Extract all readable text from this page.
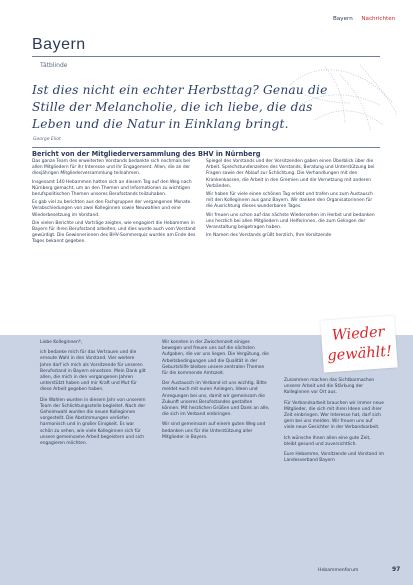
Bayern Nachrichten
Bayern
Tätblinde
Ist dies nicht ein echter Herbsttag? Genau die Stille der Melancholie, die ich liebe, die das Leben und die Natur in Einklang bringt.
George Eliot
Bericht von der Mitgliederversammlung des BHV in Nürnberg

Das ganze Team des erweiterten Vorstands bedankte sich nochmals bei allen Mitgliedern für ihr Interesse und ihr Engagement. Allen, die an der diesjährigen Mitgliederversammlung teilnahmen.

Insgesamt 140 Hebammen hatten sich an diesem Tag auf den Weg nach Nürnberg gemacht, um an den Themen und Informationen zu wichtigen berufspolitischen Themen unseres Berufsstands teilzuhaben.

Es gab viel zu berichten aus den Fachgruppen der vergangenen Monate. Verabschiedungen von zwei Kolleginnen sowie Neuwahlen und eine Wiederbesetzung im Vorstand.

Die vielen Berichte und Vorträge zeigten, wie engagiert die Hebammen in Bayern für ihren Berufsstand arbeiten, und dies wurde auch vom Vorstand gewürdigt. Die Gewinnerinnen des BHV-Sommerquiz wurden am Ende des Tages bekannt gegeben.

Spiegel des Vorstands und der Vorsitzenden gaben einen Überblick über die Arbeit. Sprechstundenzeiten des Vorstands, Beratung und Unterstützung bei Fragen sowie der Ablauf zur Schlichtung. Die Verhandlungen mit den Krankenkassen, die Arbeit in den Gremien und die Vernetzung mit anderen Verbänden.

Wir haben für viele einen schönen Tag erlebt und trafen uns zum Austausch mit den Kolleginnen aus ganz Bayern. Wir danken den Organisatorinnen für die Ausrichtung dieses wunderbaren Tages.

Wir freuen uns schon auf das nächste Wiedersehen im Herbst und bedanken uns herzlich bei allen Mitgliedern und Helferinnen, die zum Gelingen der Veranstaltung beigetragen haben.

Im Namen des Vorstands grüßt herzlich, Ihre Vorsitzende

Wieder
gewählt!

Liebe Kolleginnen*,

ich bedanke mich für das Vertrauen und die erneute Wahl in den Vorstand. Vier weitere Jahre darf ich mich als Vorsitzende für unseren Berufsstand in Bayern einsetzen. Mein Dank gilt allen, die mich in den vergangenen Jahren unterstützt haben und mir Kraft und Mut für diese Arbeit gegeben haben.

Die Wahlen wurden in diesem Jahr von unserem Team der Schlichtungsstelle begleitet. Nach der Geheimwahl wurden die neuen Kolleginnen vorgestellt. Die Abstimmungen verliefen harmonisch und in großer Einigkeit. Es war schön zu sehen, wie viele Kolleginnen sich für unsere gemeinsame Arbeit begeistern und sich engagieren möchten.

Wir konnten in der Zwischenzeit einiges bewegen und freuen uns auf die nächsten Aufgaben, die vor uns liegen. Die Vergütung, die Arbeitsbedingungen und die Qualität in der Geburtshilfe bleiben unsere zentralen Themen für die kommende Amtszeit.

Der Austausch im Verband ist uns wichtig. Bitte meldet euch mit euren Anliegen, Ideen und Anregungen bei uns, damit wir gemeinsam die Zukunft unseres Berufsstandes gestalten können. Mit herzlichen Grüßen und Dank an alle, die sich im Verband einbringen.

Wir sind gemeinsam auf einem guten Weg und bedanken uns für die Unterstützung aller Mitglieder in Bayern.

Zusammen machen das Sichtbarmachen unserer Arbeit und die Stärkung der Kolleginnen vor Ort aus.

Für Verbandsarbeit brauchen wir immer neue Mitglieder, die sich mit ihren Ideen und ihrer Zeit einbringen. Wer Interesse hat, darf sich gern bei uns melden. Wir freuen uns auf viele neue Gesichter in der Verbandsarbeit.

Ich wünsche Ihnen allen eine gute Zeit, bleibt gesund und zuversichtlich.

Eure Hebamme, Vorsitzende und Vorstand im Landesverband Bayern

Hebammenforum	97
